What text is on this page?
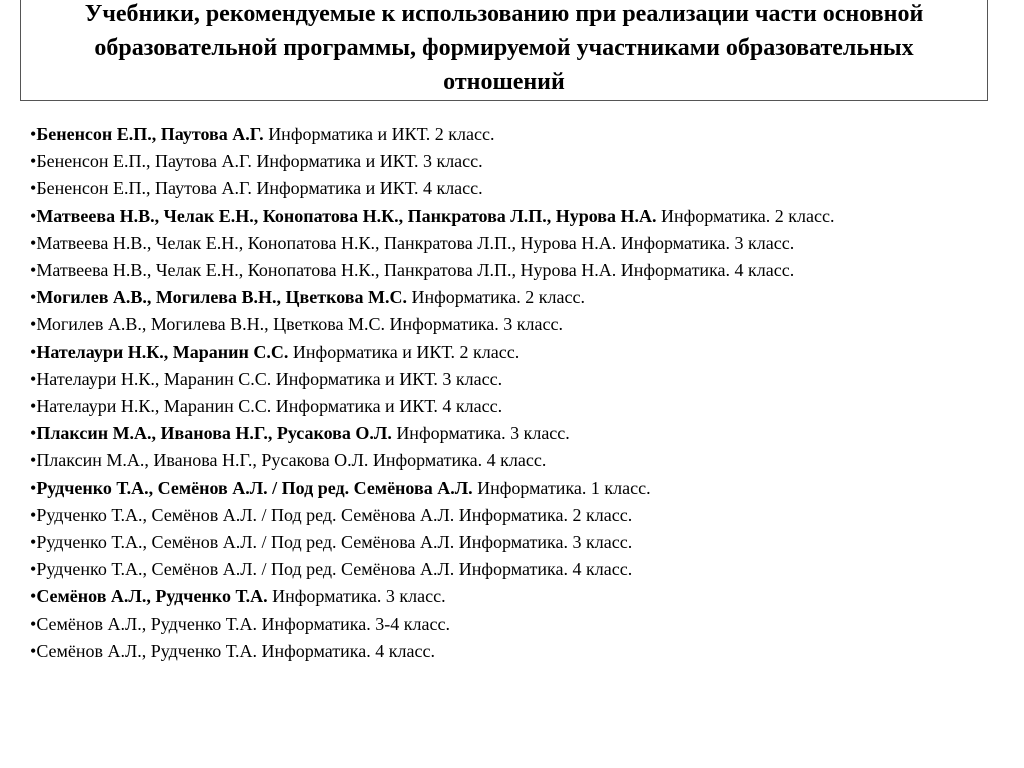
Учебники, рекомендуемые к использованию при реализации части основной образовательной программы, формируемой участниками образовательных отношений
•Бененсон Е.П., Паутова А.Г. Информатика и ИКТ. 2 класс.
•Бененсон Е.П., Паутова А.Г. Информатика и ИКТ. 3 класс.
•Бененсон Е.П., Паутова А.Г. Информатика и ИКТ. 4 класс.
•Матвеева Н.В., Челак Е.Н., Конопатова Н.К., Панкратова Л.П., Нурова Н.А. Информатика. 2 класс.
•Матвеева Н.В., Челак Е.Н., Конопатова Н.К., Панкратова Л.П., Нурова Н.А. Информатика. 3 класс.
•Матвеева Н.В., Челак Е.Н., Конопатова Н.К., Панкратова Л.П., Нурова Н.А. Информатика. 4 класс.
•Могилев А.В., Могилева В.Н., Цветкова М.С. Информатика. 2 класс.
•Могилев А.В., Могилева В.Н., Цветкова М.С. Информатика. 3 класс.
•Нателаури Н.К., Маранин С.С. Информатика и ИКТ. 2 класс.
•Нателаури Н.К., Маранин С.С. Информатика и ИКТ. 3 класс.
•Нателаури Н.К., Маранин С.С. Информатика и ИКТ. 4 класс.
•Плаксин М.А., Иванова Н.Г., Русакова О.Л. Информатика. 3 класс.
•Плаксин М.А., Иванова Н.Г., Русакова О.Л. Информатика. 4 класс.
•Рудченко Т.А., Семёнов А.Л. / Под ред. Семёнова А.Л. Информатика. 1 класс.
•Рудченко Т.А., Семёнов А.Л. / Под ред. Семёнова А.Л. Информатика. 2 класс.
•Рудченко Т.А., Семёнов А.Л. / Под ред. Семёнова А.Л. Информатика. 3 класс.
•Рудченко Т.А., Семёнов А.Л. / Под ред. Семёнова А.Л. Информатика. 4 класс.
•Семёнов А.Л., Рудченко Т.А. Информатика. 3 класс.
•Семёнов А.Л., Рудченко Т.А. Информатика. 3-4 класс.
•Семёнов А.Л., Рудченко Т.А. Информатика. 4 класс.
